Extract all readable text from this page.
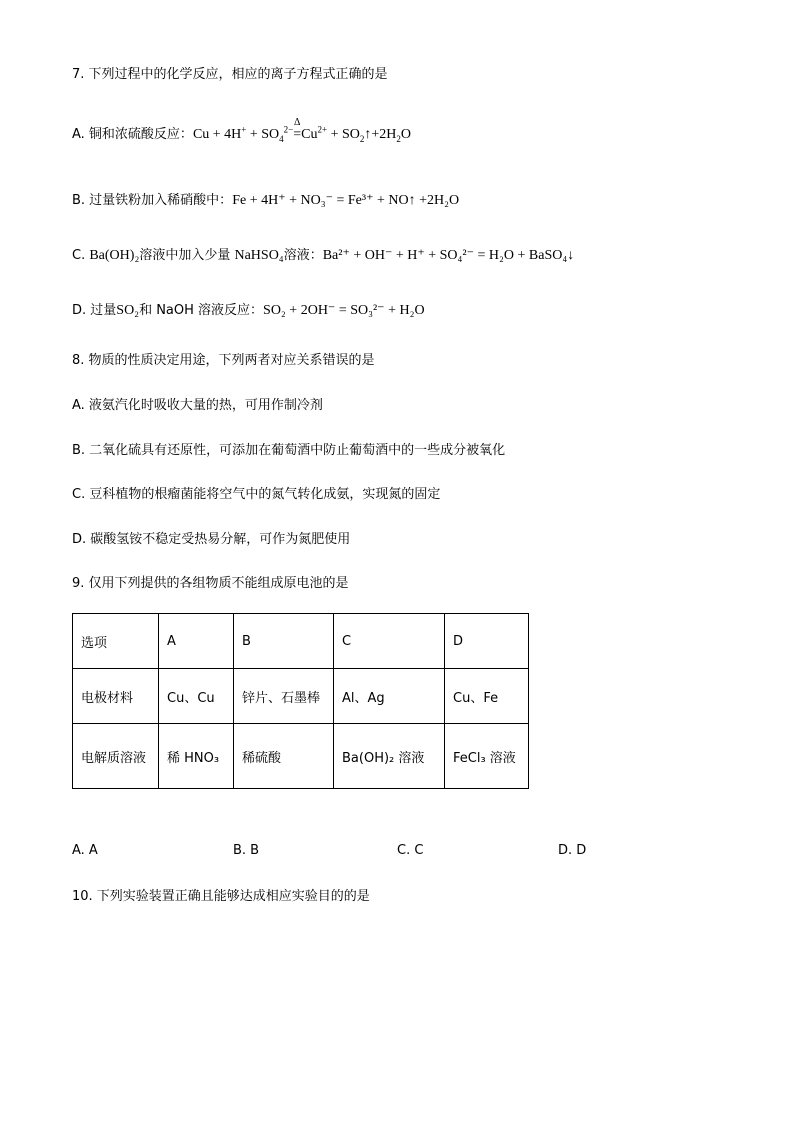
7. 下列过程中的化学反应，相应的离子方程式正确的是
A. 铜和浓硫酸反应：$Cu + 4H^+ + SO_4^{2-}$
Δ
$=Cu^{2+}$ + $SO_2↑+2H_2O$
B. 过量铁粉加入稀硝酸中：Fe + 4H⁺ + NO₃⁻ = Fe³⁺ + NO↑ +2H₂O
C. Ba(OH)₂溶液中加入少量 NaHSO₄溶液：Ba²⁺ + OH⁻ + H⁺ + SO₄²⁻ = H₂O + BaSO₄↓
D. 过量SO₂和 NaOH 溶液反应：SO₂ + 2OH⁻ = SO₃²⁻ + H₂O
8. 物质的性质决定用途，下列两者对应关系错误的是
A. 液氨汽化时吸收大量的热，可用作制冷剂
B. 二氧化硫具有还原性，可添加在葡萄酒中防止葡萄酒中的一些成分被氧化
C. 豆科植物的根瘤菌能将空气中的氮气转化成氨，实现氮的固定
D. 碳酸氢铵不稳定受热易分解，可作为氮肥使用
9. 仅用下列提供的各组物质不能组成原电池的是
选项	A	B	C	D
电极材料	Cu、Cu	锌片、石墨棒	Al、Ag	Cu、Fe
电解质溶液	稀 HNO₃	稀硫酸	Ba(OH)₂ 溶液	FeCl₃ 溶液
A. A	B. B	C. C	D. D
10. 下列实验装置正确且能够达成相应实验目的的是
